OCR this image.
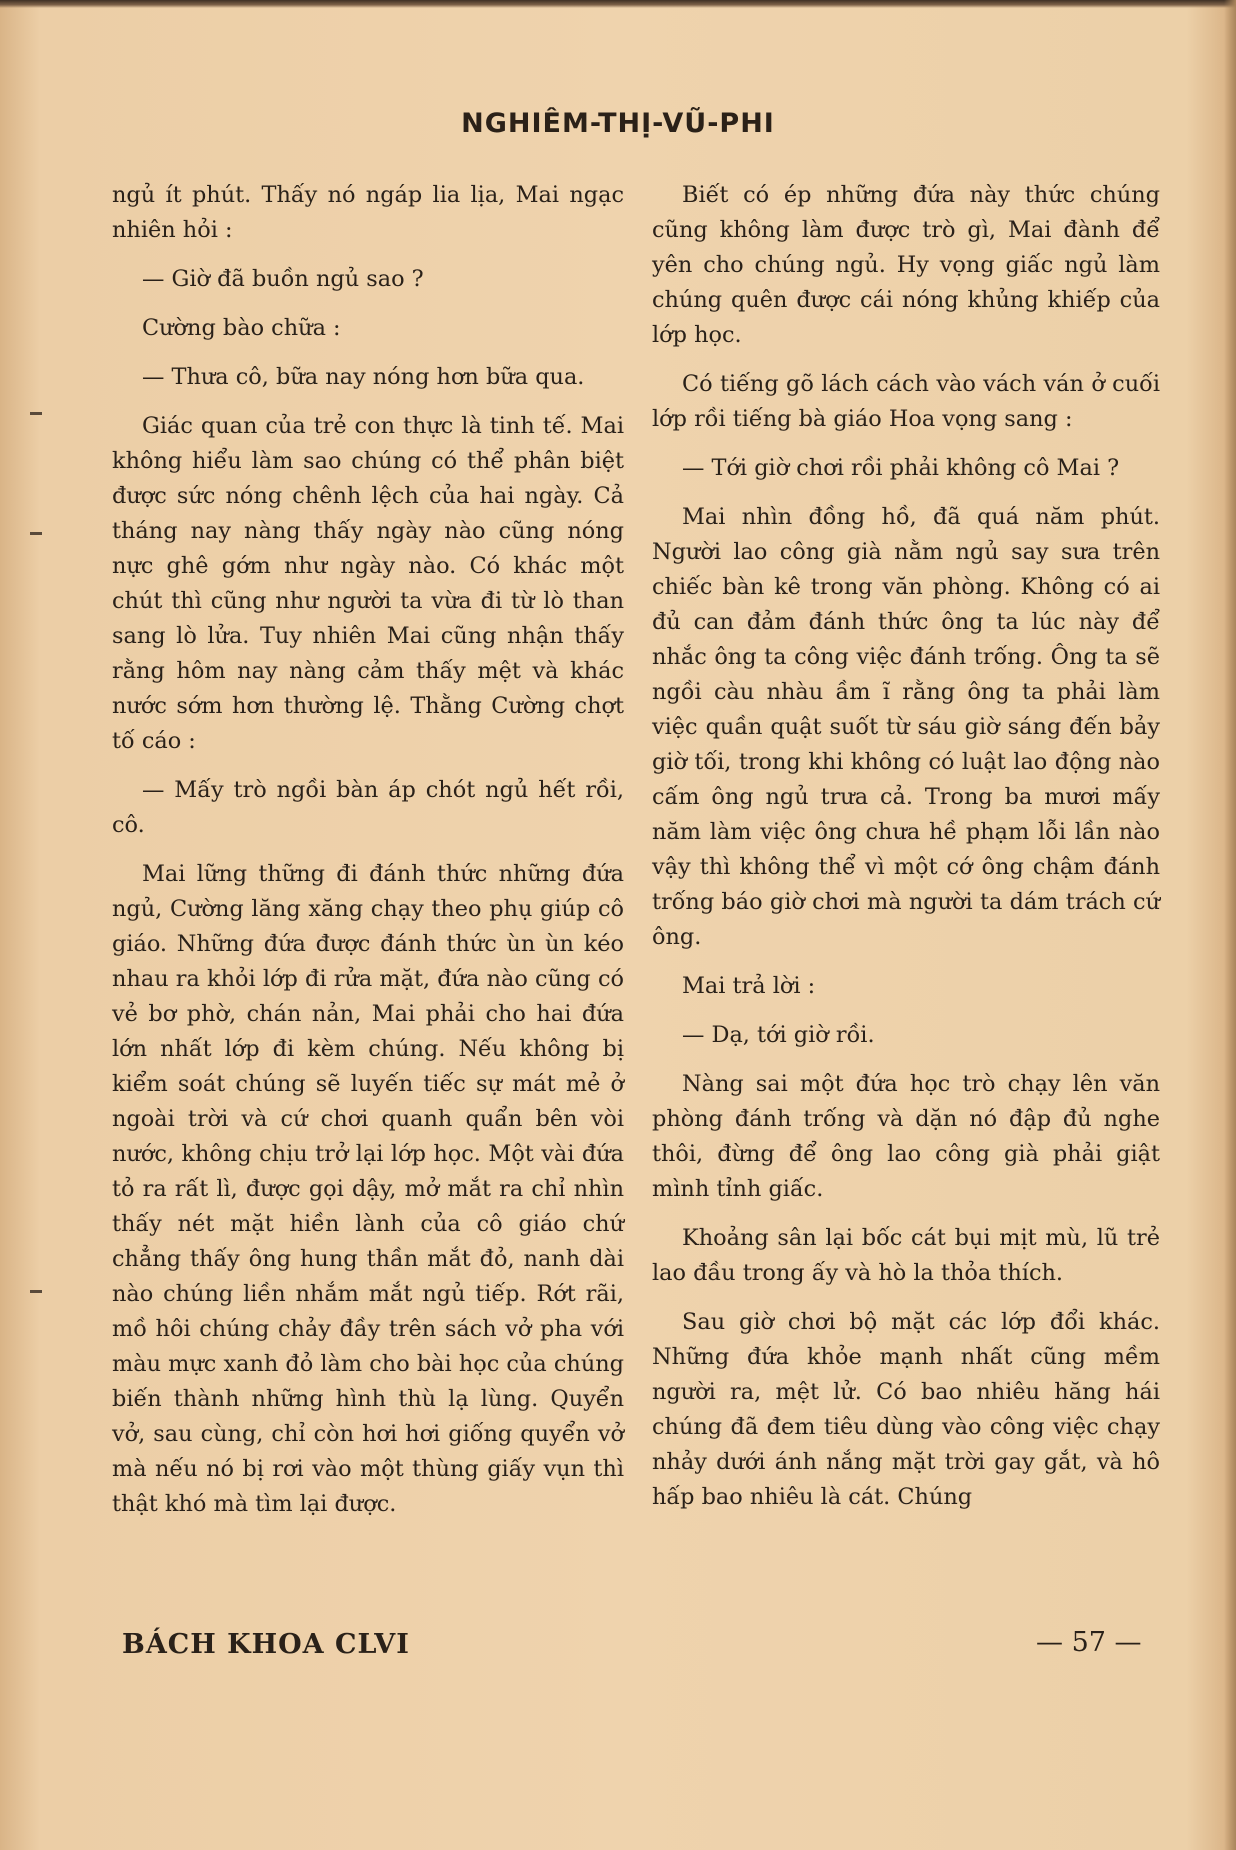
NGHIÊM-THỊ-VŨ-PHI

ngủ ít phút. Thấy nó ngáp lia lịa, Mai ngạc nhiên hỏi :

— Giờ đã buồn ngủ sao ?

Cường bào chữa :

— Thưa cô, bữa nay nóng hơn bữa qua.

Giác quan của trẻ con thực là tinh tế. Mai không hiểu làm sao chúng có thể phân biệt được sức nóng chênh lệch của hai ngày. Cả tháng nay nàng thấy ngày nào cũng nóng nực ghê gớm như ngày nào. Có khác một chút thì cũng như người ta vừa đi từ lò than sang lò lửa. Tuy nhiên Mai cũng nhận thấy rằng hôm nay nàng cảm thấy mệt và khác nước sớm hơn thường lệ. Thằng Cường chợt tố cáo :

— Mấy trò ngồi bàn áp chót ngủ hết rồi, cô.

Mai lững thững đi đánh thức những đứa ngủ, Cường lăng xăng chạy theo phụ giúp cô giáo. Những đứa được đánh thức ùn ùn kéo nhau ra khỏi lớp đi rửa mặt, đứa nào cũng có vẻ bơ phờ, chán nản, Mai phải cho hai đứa lớn nhất lớp đi kèm chúng. Nếu không bị kiểm soát chúng sẽ luyến tiếc sự mát mẻ ở ngoài trời và cứ chơi quanh quẩn bên vòi nước, không chịu trở lại lớp học. Một vài đứa tỏ ra rất lì, được gọi dậy, mở mắt ra chỉ nhìn thấy nét mặt hiền lành của cô giáo chứ chẳng thấy ông hung thần mắt đỏ, nanh dài nào chúng liền nhắm mắt ngủ tiếp. Rớt rãi, mồ hôi chúng chảy đầy trên sách vở pha với màu mực xanh đỏ làm cho bài học của chúng biến thành những hình thù lạ lùng. Quyển vở, sau cùng, chỉ còn hơi hơi giống quyển vở mà nếu nó bị rơi vào một thùng giấy vụn thì thật khó mà tìm lại được.

Biết có ép những đứa này thức chúng cũng không làm được trò gì, Mai đành để yên cho chúng ngủ. Hy vọng giấc ngủ làm chúng quên được cái nóng khủng khiếp của lớp học.

Có tiếng gõ lách cách vào vách ván ở cuối lớp rồi tiếng bà giáo Hoa vọng sang :

— Tới giờ chơi rồi phải không cô Mai ?

Mai nhìn đồng hồ, đã quá năm phút. Người lao công già nằm ngủ say sưa trên chiếc bàn kê trong văn phòng. Không có ai đủ can đảm đánh thức ông ta lúc này để nhắc ông ta công việc đánh trống. Ông ta sẽ ngồi càu nhàu ầm ĩ rằng ông ta phải làm việc quần quật suốt từ sáu giờ sáng đến bảy giờ tối, trong khi không có luật lao động nào cấm ông ngủ trưa cả. Trong ba mươi mấy năm làm việc ông chưa hề phạm lỗi lần nào vậy thì không thể vì một cớ ông chậm đánh trống báo giờ chơi mà người ta dám trách cứ ông.

Mai trả lời :

— Dạ, tới giờ rồi.

Nàng sai một đứa học trò chạy lên văn phòng đánh trống và dặn nó đập đủ nghe thôi, đừng để ông lao công già phải giật mình tỉnh giấc.

Khoảng sân lại bốc cát bụi mịt mù, lũ trẻ lao đầu trong ấy và hò la thỏa thích.

Sau giờ chơi bộ mặt các lớp đổi khác. Những đứa khỏe mạnh nhất cũng mềm người ra, mệt lử. Có bao nhiêu hăng hái chúng đã đem tiêu dùng vào công việc chạy nhảy dưới ánh nắng mặt trời gay gắt, và hô hấp bao nhiêu là cát. Chúng

BÁCH KHOA CLVI	— 57 —
